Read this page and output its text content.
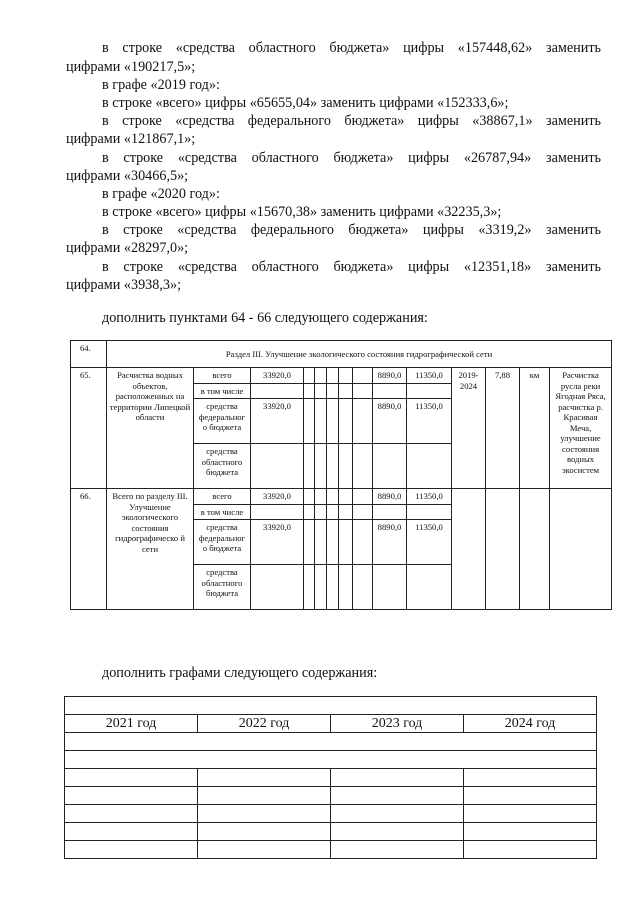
в строке «средства областного бюджета» цифры «157448,62» заменить
цифрами «190217,5»;
в графе «2019 год»:
в строке «всего» цифры «65655,04» заменить цифрами «152333,6»;
в строке «средства федерального бюджета» цифры «38867,1» заменить
цифрами «121867,1»;
в строке «средства областного бюджета» цифры «26787,94» заменить
цифрами «30466,5»;
в графе «2020 год»:
в строке «всего» цифры «15670,38» заменить цифрами «32235,3»;
в строке «средства федерального бюджета» цифры «3319,2» заменить
цифрами «28297,0»;
в строке «средства областного бюджета» цифры «12351,18» заменить
цифрами «3938,3»;
дополнить пунктами 64 - 66 следующего содержания:
64.	Раздел III. Улучшение экологического состояния гидрографической сети													
65.	Расчистка водных объектов, расположенных на территории Липецкой области	всего	33920,0						8890,0	11350,0	2019-2024	7,88	км	Расчистка русла реки Ягодная Ряса, расчистка р. Красивая Меча, улучшение состояния водных экосистем
		в том числе												
		средства федеральног о бюджета	33920,0						8890,0	11350,0				
		средства областного бюджета												
66.	Всего по разделу III. Улучшение экологического состояния гидрографическо й сети	всего	33920,0						8890,0	11350,0				
		в том числе												
		средства федеральног о бюджета	33920,0						8890,0	11350,0				
		средства областного бюджета												
дополнить графами следующего содержания:

2021 год	2022 год	2023 год	2024 год
